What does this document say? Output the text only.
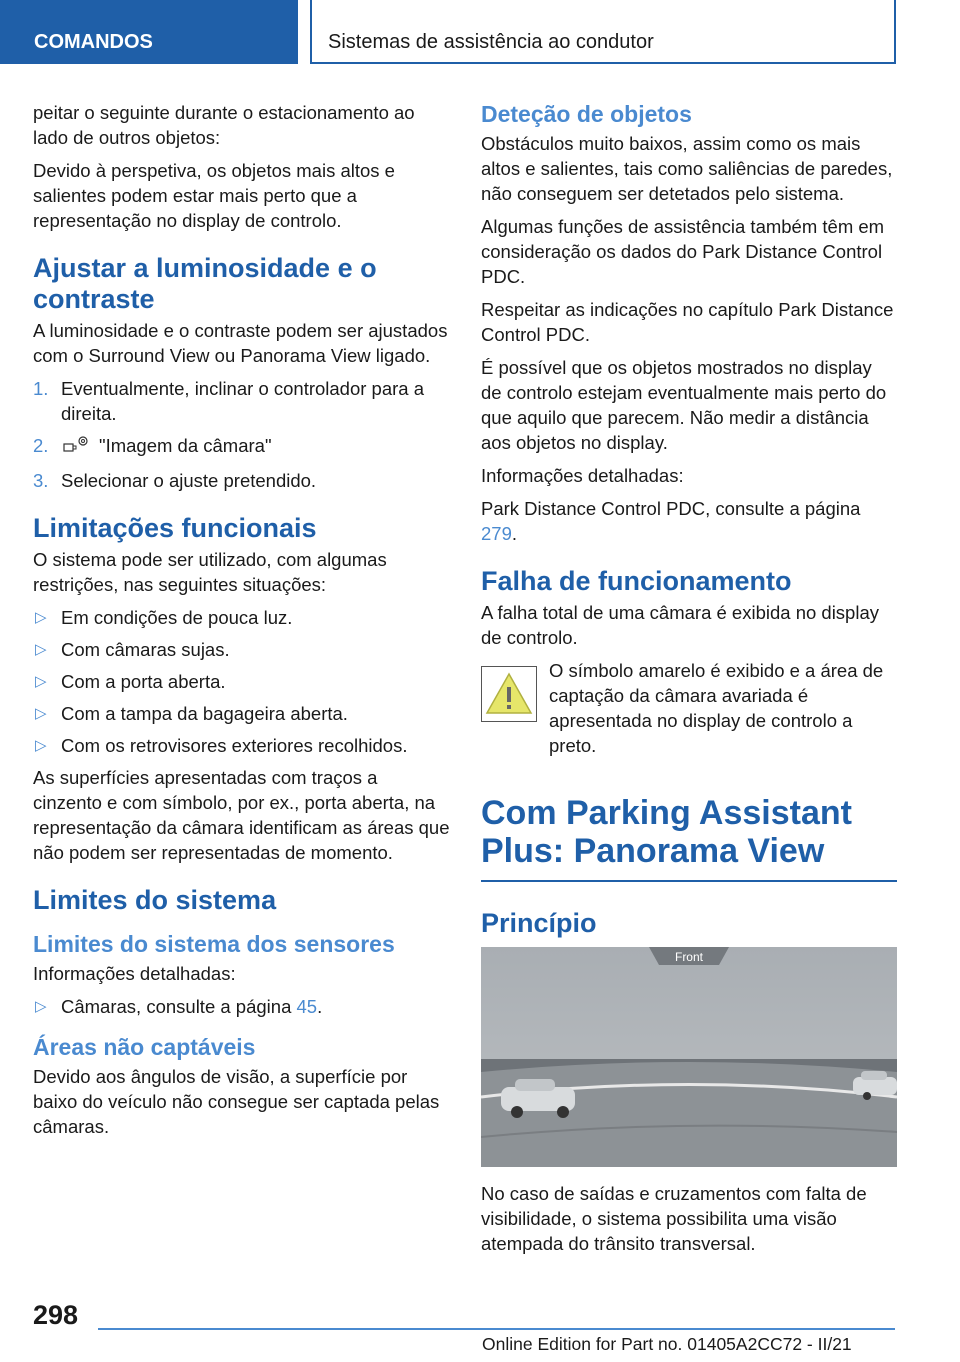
COMANDOS	Sistemas de assistência ao condutor

peitar o seguinte durante o estacionamento ao lado de outros objetos:

Devido à perspetiva, os objetos mais altos e salientes podem estar mais perto que a representação no display de controlo.

Ajustar a luminosidade e o contraste

A luminosidade e o contraste podem ser ajustados com o Surround View ou Panorama View ligado.

1. Eventualmente, inclinar o controlador para a direita.
2.	"Imagem da câmara"
3. Selecionar o ajuste pretendido.
Limitações funcionais

O sistema pode ser utilizado, com algumas restrições, nas seguintes situações:

▷ Em condições de pouca luz.
▷ Com câmaras sujas.
▷ Com a porta aberta.
▷ Com a tampa da bagageira aberta.
▷ Com os retrovisores exteriores recolhidos.

As superfícies apresentadas com traços a cinzento e com símbolo, por ex., porta aberta, na representação da câmara identificam as áreas que não podem ser representadas de momento.

Limites do sistema
Limites do sistema dos sensores

Informações detalhadas:

▷ Câmaras, consulte a página 45.
Áreas não captáveis

Devido aos ângulos de visão, a superfície por baixo do veículo não consegue ser captada pelas câmaras.

Deteção de objetos

Obstáculos muito baixos, assim como os mais altos e salientes, tais como saliências de paredes, não conseguem ser detetados pelo sistema.

Algumas funções de assistência também têm em consideração os dados do Park Distance Control PDC.

Respeitar as indicações no capítulo Park Distance Control PDC.

É possível que os objetos mostrados no display de controlo estejam eventualmente mais perto do que aquilo que parecem. Não medir a distância aos objetos no display.

Informações detalhadas:

Park Distance Control PDC, consulte a página 279.

Falha de funcionamento

A falha total de uma câmara é exibida no display de controlo.

O símbolo amarelo é exibido e a área de captação da câmara avariada é apresentada no display de controlo a preto.
Com Parking Assistant Plus: Panorama View
Princípio
Front

No caso de saídas e cruzamentos com falta de visibilidade, o sistema possibilita uma visão atempada do trânsito transversal.

298
Online Edition for Part no. 01405A2CC72 - II/21
